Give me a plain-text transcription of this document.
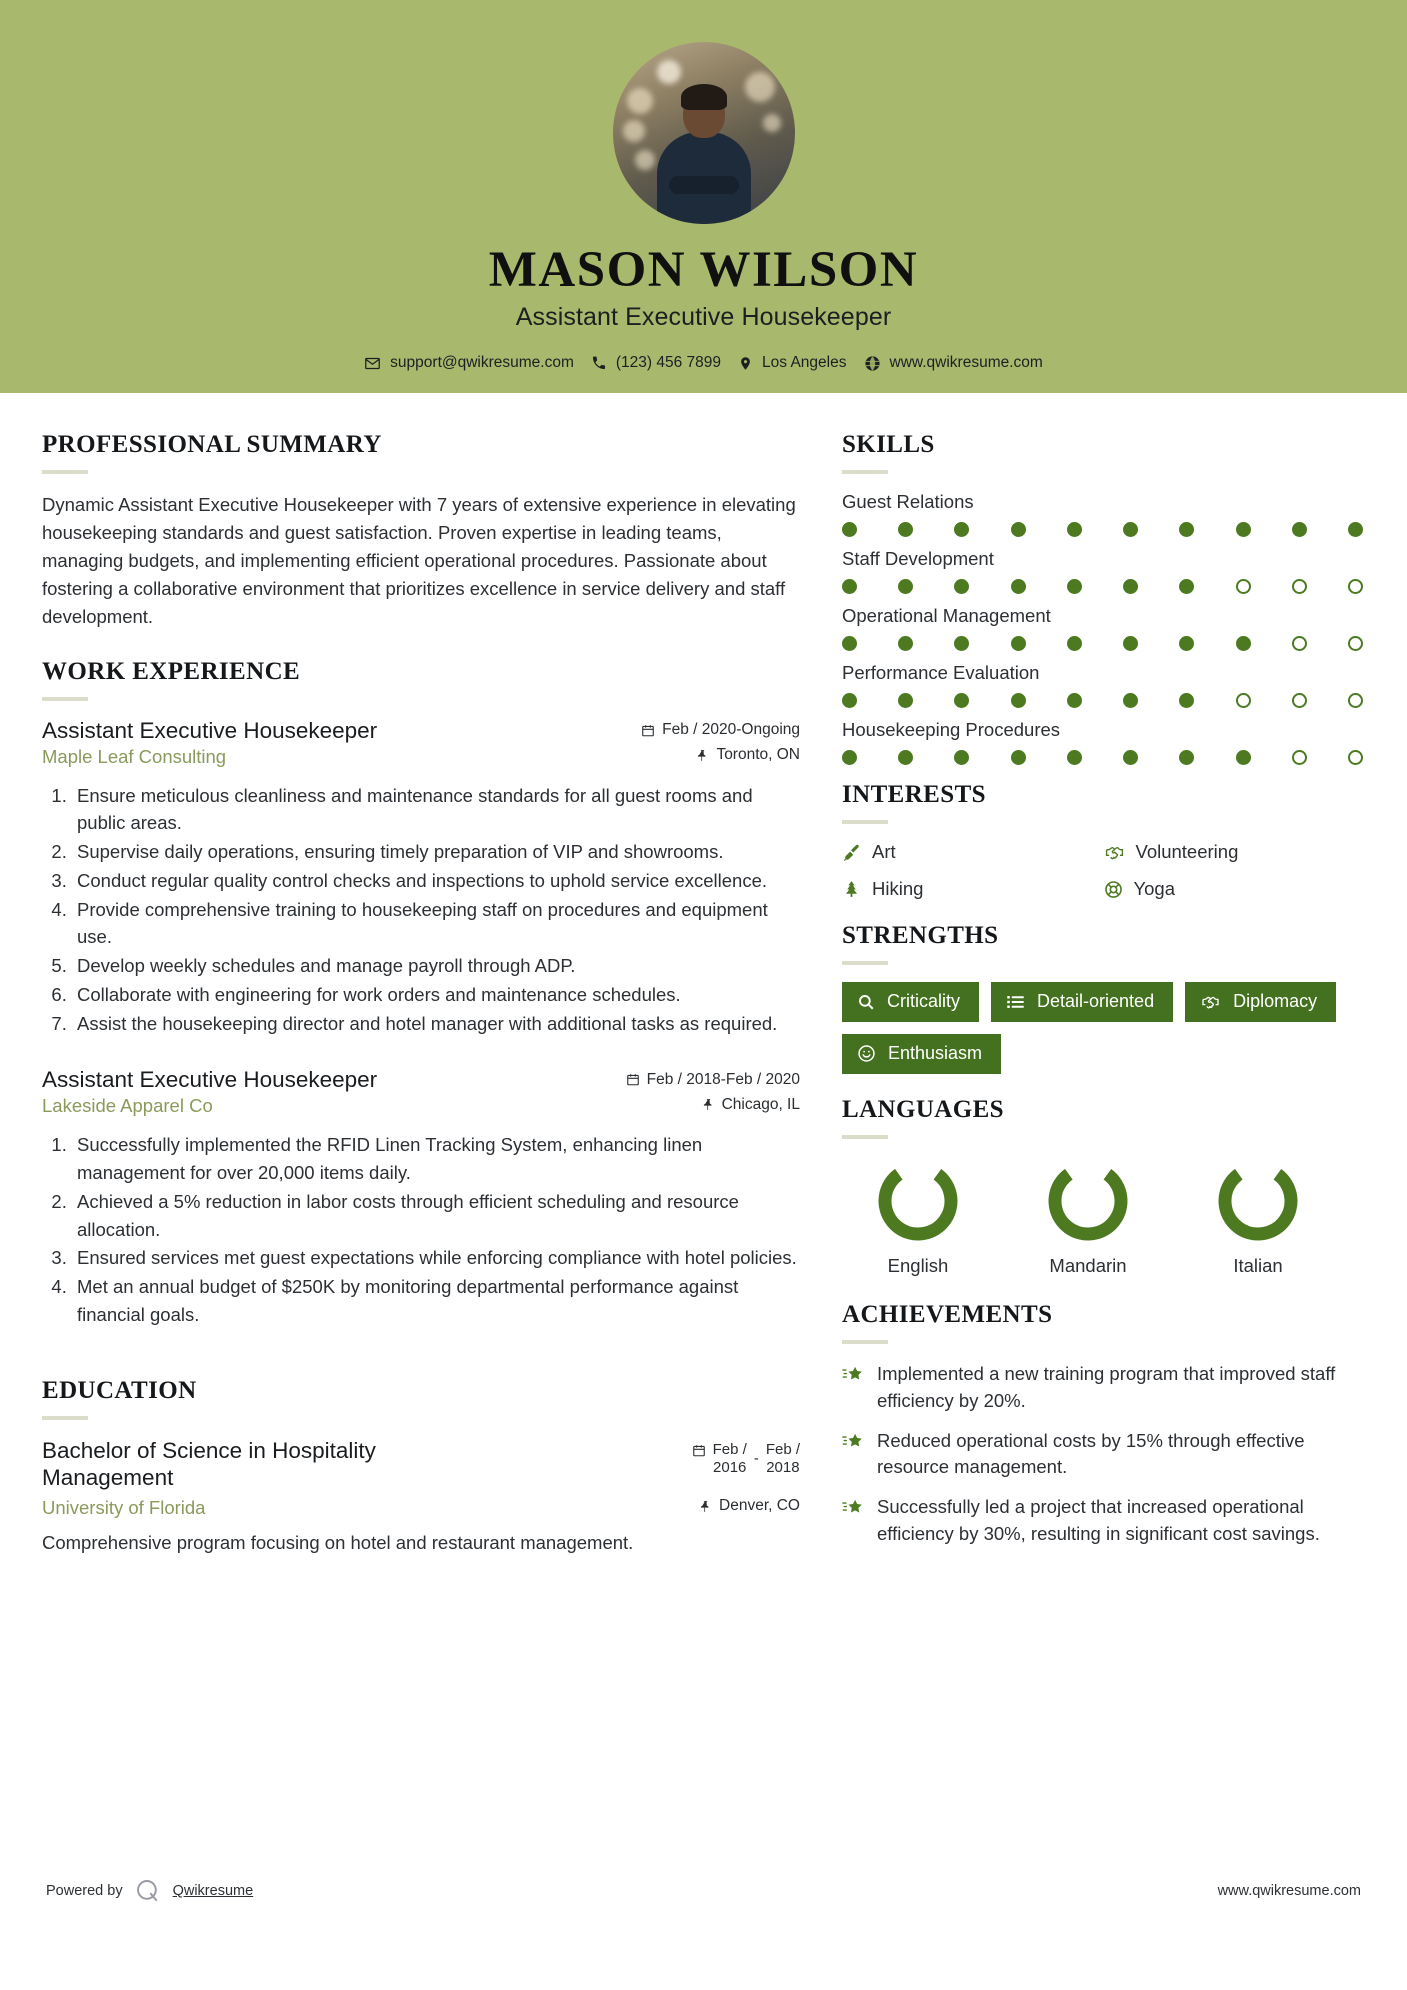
MASON WILSON
Assistant Executive Housekeeper
support@qwikresume.com	(123) 456 7899	Los Angeles	www.qwikresume.com
PROFESSIONAL SUMMARY
Dynamic Assistant Executive Housekeeper with 7 years of extensive experience in elevating housekeeping standards and guest satisfaction. Proven expertise in leading teams, managing budgets, and implementing efficient operational procedures. Passionate about fostering a collaborative environment that prioritizes excellence in service delivery and staff development.
WORK EXPERIENCE
Assistant Executive Housekeeper	Feb / 2020-Ongoing
Maple Leaf Consulting	Toronto, ON
1. Ensure meticulous cleanliness and maintenance standards for all guest rooms and public areas.
2. Supervise daily operations, ensuring timely preparation of VIP and showrooms.
3. Conduct regular quality control checks and inspections to uphold service excellence.
4. Provide comprehensive training to housekeeping staff on procedures and equipment use.
5. Develop weekly schedules and manage payroll through ADP.
6. Collaborate with engineering for work orders and maintenance schedules.
7. Assist the housekeeping director and hotel manager with additional tasks as required.
Assistant Executive Housekeeper	Feb / 2018-Feb / 2020
Lakeside Apparel Co	Chicago, IL
1. Successfully implemented the RFID Linen Tracking System, enhancing linen management for over 20,000 items daily.
2. Achieved a 5% reduction in labor costs through efficient scheduling and resource allocation.
3. Ensured services met guest expectations while enforcing compliance with hotel policies.
4. Met an annual budget of $250K by monitoring departmental performance against financial goals.
EDUCATION
Bachelor of Science in Hospitality Management
Feb /
2016
-
Feb /
2018
University of Florida	Denver, CO
Comprehensive program focusing on hotel and restaurant management.
SKILLS
Guest Relations
Staff Development
Operational Management
Performance Evaluation
Housekeeping Procedures
INTERESTS
Art	Volunteering
Hiking	Yoga
STRENGTHS
Criticality	Detail-oriented	Diplomacy
Enthusiasm
LANGUAGES
English	Mandarin	Italian
ACHIEVEMENTS
Implemented a new training program that improved staff efficiency by 20%.
Reduced operational costs by 15% through effective resource management.
Successfully led a project that increased operational efficiency by 30%, resulting in significant cost savings.
Powered by	Qwikresume	www.qwikresume.com
